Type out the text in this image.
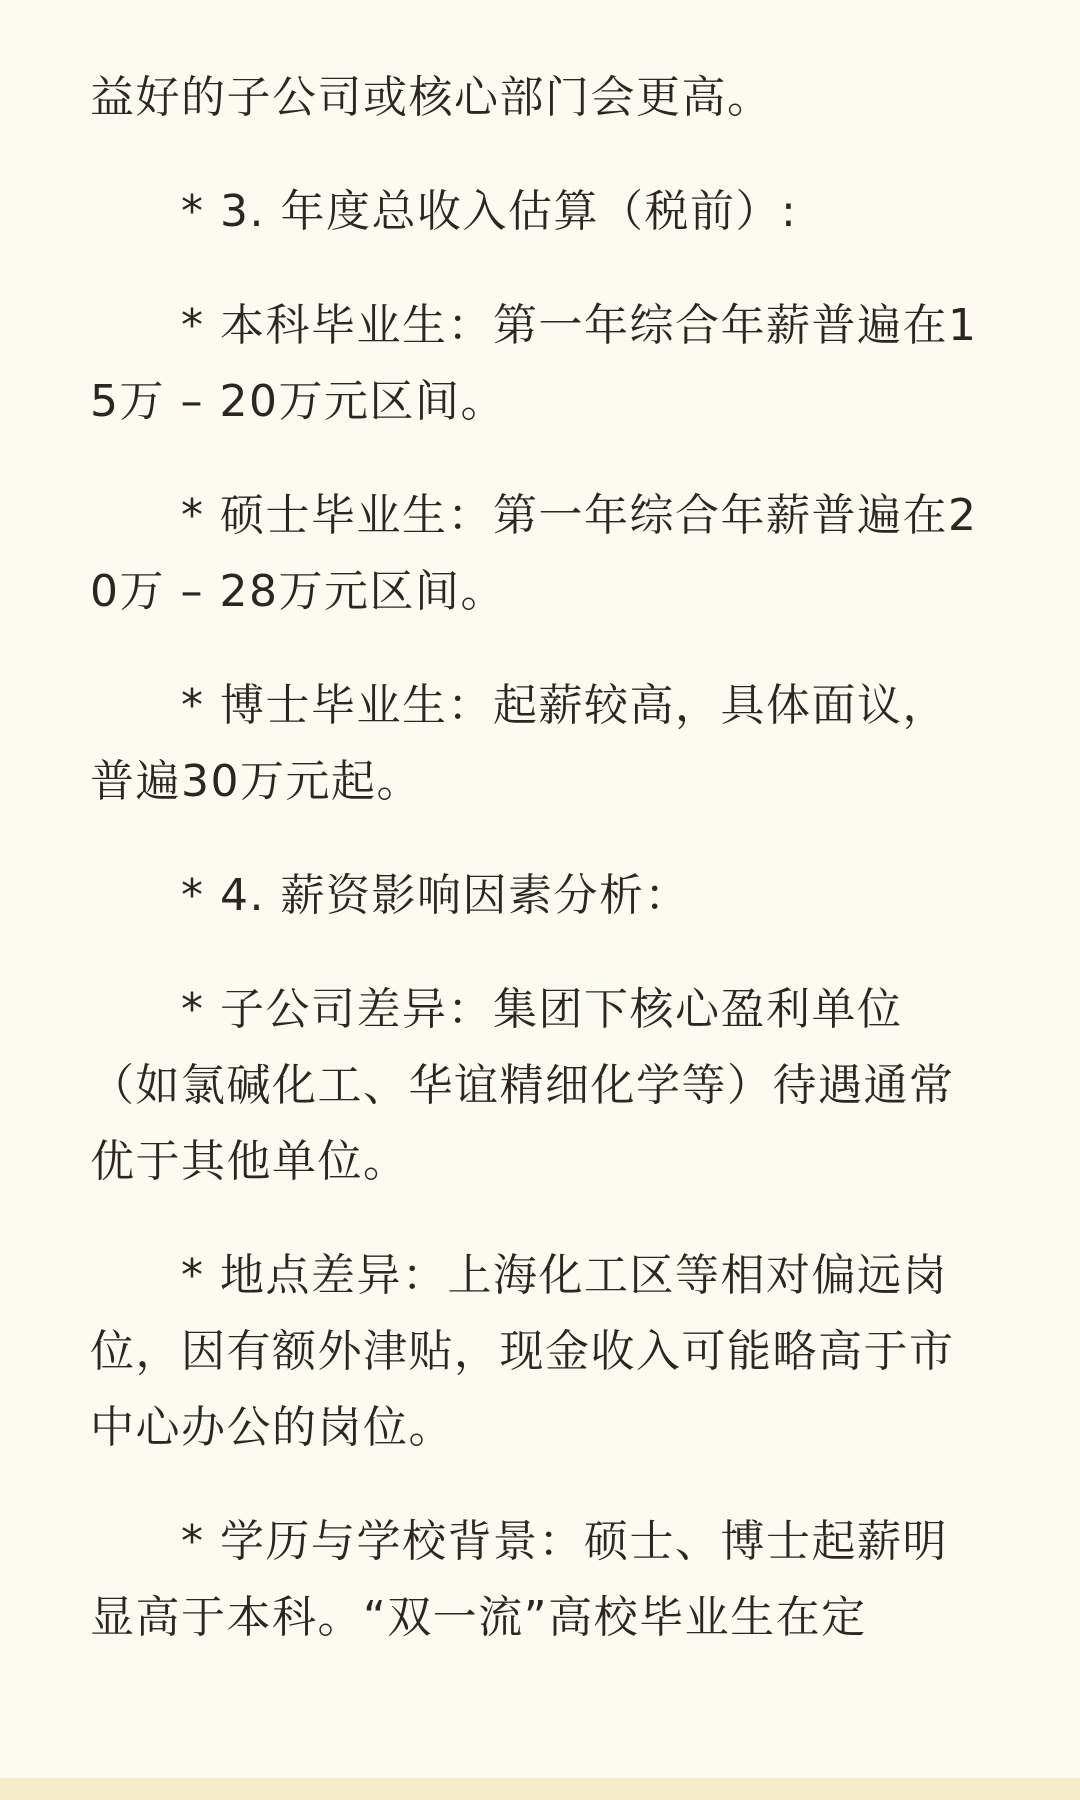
益好的子公司或核心部门会更高。

　　* 3. 年度总收入估算（税前）:

　　* 本科毕业生：第一年综合年薪普遍在15万 – 20万元区间。

　　* 硕士毕业生：第一年综合年薪普遍在20万 – 28万元区间。

　　* 博士毕业生：起薪较高，具体面议，普遍30万元起。

　　* 4. 薪资影响因素分析：

　　* 子公司差异：集团下核心盈利单位（如氯碱化工、华谊精细化学等）待遇通常优于其他单位。

　　* 地点差异：上海化工区等相对偏远岗位，因有额外津贴，现金收入可能略高于市中心办公的岗位。

　　* 学历与学校背景：硕士、博士起薪明显高于本科。“双一流”高校毕业生在定
